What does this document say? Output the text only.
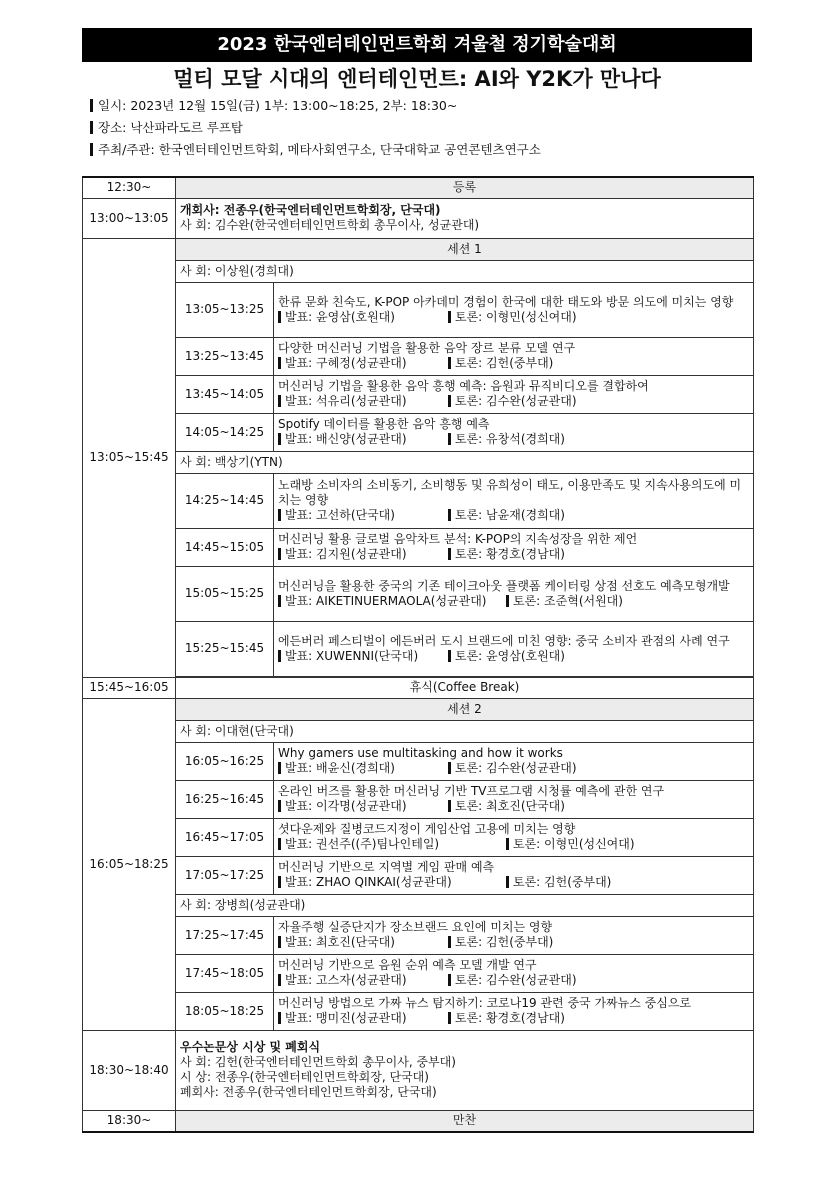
2023 한국엔터테인먼트학회 겨울철 정기학술대회
멀티 모달 시대의 엔터테인먼트: AI와 Y2K가 만나다
일시: 2023년 12월 15일(금) 1부: 13:00~18:25, 2부: 18:30~
장소: 낙산파라도르 루프탑
주최/주관: 한국엔터테인먼트학회, 메타사회연구소, 단국대학교 공연콘텐츠연구소
12:30~	등록	
13:00~13:05	개회사: 전종우(한국엔터테인먼트학회장, 단국대)
사 회: 김수완(한국엔터테인먼트학회 총무이사, 성균관대)	

13:05~15:45	세션 1	
	사 회: 이상원(경희대)	
	13:05~13:25	한류 문화 친숙도, K-POP 아카데미 경험이 한국에 대한 태도와 방문 의도에 미치는 영향
발표: 윤영삼(호원대) 토론: 이형민(성신여대)

	13:25~13:45	다양한 머신러닝 기법을 활용한 음악 장르 분류 모델 연구
발표: 구혜정(성균관대) 토론: 김헌(중부대)

	13:45~14:05	머신러닝 기법을 활용한 음악 흥행 예측: 음원과 뮤직비디오를 결합하여
발표: 석유리(성균관대) 토론: 김수완(성균관대)

	14:05~14:25	Spotify 데이터를 활용한 음악 흥행 예측
발표: 배신양(성균관대) 토론: 유창석(경희대)

	사 회: 백상기(YTN)	
	14:25~14:45	노래방 소비자의 소비동기, 소비행동 및 유희성이 태도, 이용만족도 및 지속사용의도에 미치는 영향
발표: 고선하(단국대) 토론: 남윤재(경희대)

	14:45~15:05	머신러닝 활용 글로벌 음악차트 분석: K-POP의 지속성장을 위한 제언
발표: 김지원(성균관대) 토론: 황경호(경남대)

	15:05~15:25	머신러닝을 활용한 중국의 기존 테이크아웃 플랫폼 케이터링 상점 선호도 예측모형개발
발표: AIKETINUERMAOLA(성균관대) 토론: 조준혁(서원대)

	15:25~15:45	에든버러 페스티벌이 에든버러 도시 브랜드에 미친 영향: 중국 소비자 관점의 사례 연구
발표: XUWENNI(단국대) 토론: 윤영삼(호원대)

15:45~16:05	휴식(Coffee Break)	
16:05~18:25	세션 2	
	사 회: 이대현(단국대)	
	16:05~16:25	Why gamers use multitasking and how it works
발표: 배윤신(경희대) 토론: 김수완(성균관대)

	16:25~16:45	온라인 버즈를 활용한 머신러닝 기반 TV프로그램 시청률 예측에 관한 연구
발표: 이각명(성균관대) 토론: 최호진(단국대)

	16:45~17:05	셧다운제와 질병코드지정이 게임산업 고용에 미치는 영향
발표: 권선주((주)팀나인테일) 토론: 이형민(성신여대)

	17:05~17:25	머신러닝 기반으로 지역별 게임 판매 예측
발표: ZHAO QINKAI(성균관대) 토론: 김헌(중부대)

	사 회: 장병희(성균관대)	
	17:25~17:45	자율주행 실증단지가 장소브랜드 요인에 미치는 영향
발표: 최호진(단국대) 토론: 김헌(중부대)

	17:45~18:05	머신러닝 기반으로 음원 순위 예측 모델 개발 연구
발표: 고스자(성균관대) 토론: 김수완(성균관대)

	18:05~18:25	머신러닝 방법으로 가짜 뉴스 탐지하기: 코로나19 관련 중국 가짜뉴스 중심으로
발표: 맹미진(성균관대) 토론: 황경호(경남대)

18:30~18:40	우수논문상 시상 및 폐회식
사 회: 김헌(한국엔터테인먼트학회 총무이사, 중부대)
시 상: 전종우(한국엔터테인먼트학회장, 단국대)
폐회사: 전종우(한국엔터테인먼트학회장, 단국대)	

18:30~	만찬	
